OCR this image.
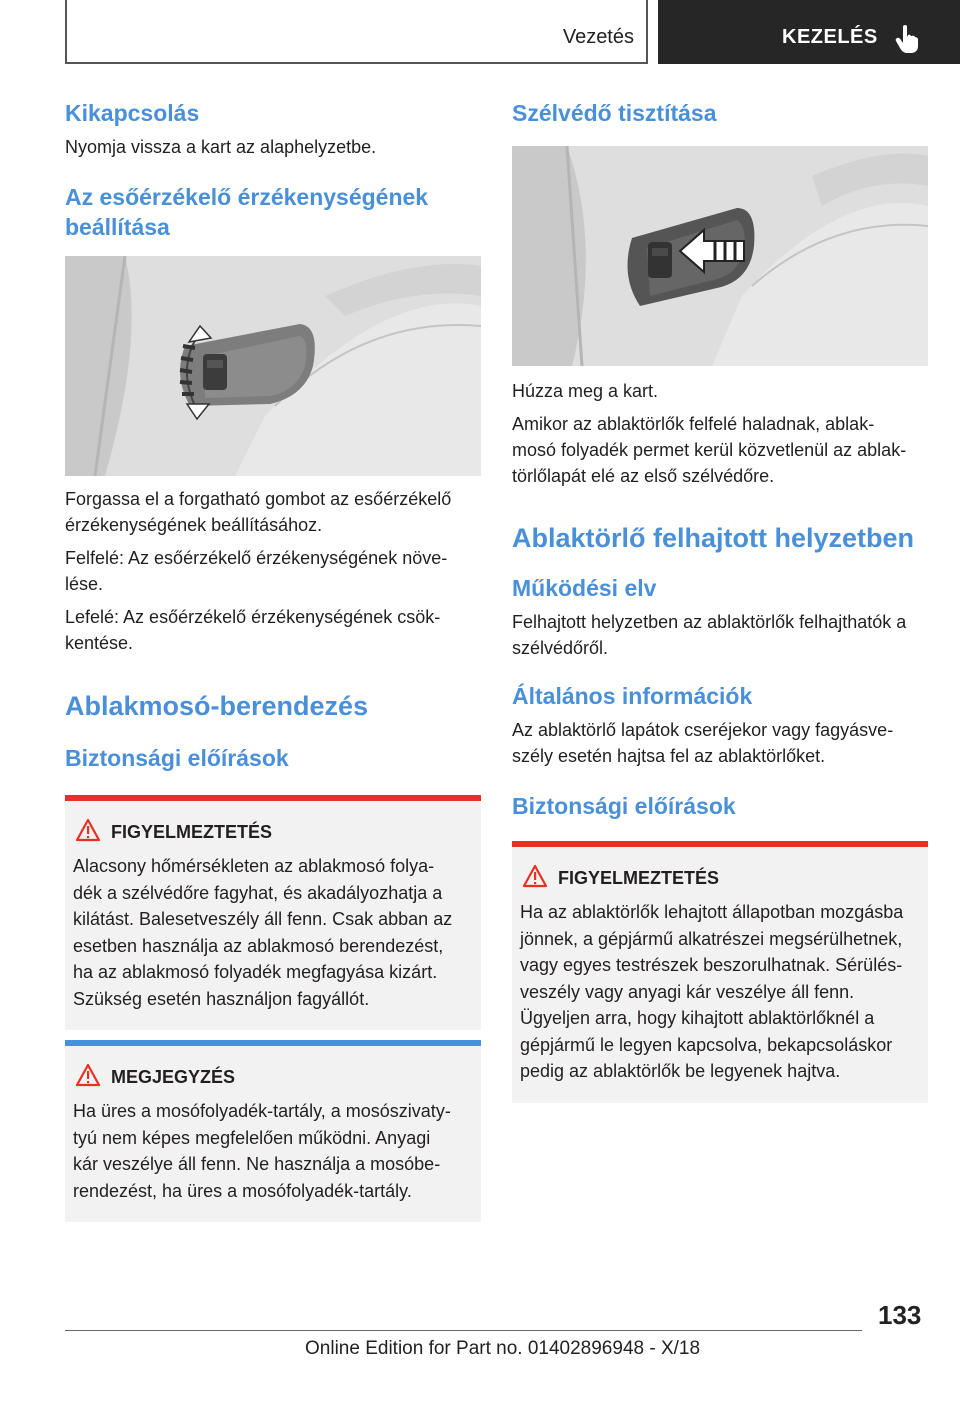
Vezetés	KEZELÉS
Kikapcsolás

Nyomja vissza a kart az alaphelyzetbe.

Az esőérzékelő érzékenységének
beállítása

Forgassa el a forgatható gombot az esőérzékelő
érzékenységének beállításához.

Felfelé: Az esőérzékelő érzékenységének növe-
lése.

Lefelé: Az esőérzékelő érzékenységének csök-
kentése.

Ablakmosó-berendezés
Biztonsági előírások
FIGYELMEZTETÉS

Alacsony hőmérsékleten az ablakmosó folya-
dék a szélvédőre fagyhat, és akadályozhatja a
kilátást. Balesetveszély áll fenn. Csak abban az
esetben használja az ablakmosó berendezést,
ha az ablakmosó folyadék megfagyása kizárt.
Szükség esetén használjon fagyállót.

MEGJEGYZÉS

Ha üres a mosófolyadék-tartály, a mosószivaty-
tyú nem képes megfelelően működni. Anyagi
kár veszélye áll fenn. Ne használja a mosóbe-
rendezést, ha üres a mosófolyadék-tartály.

Szélvédő tisztítása

Húzza meg a kart.

Amikor az ablaktörlők felfelé haladnak, ablak-
mosó folyadék permet kerül közvetlenül az ablak-
törlőlapát elé az első szélvédőre.

Ablaktörlő felhajtott helyzetben
Működési elv

Felhajtott helyzetben az ablaktörlők felhajthatók a
szélvédőről.

Általános információk

Az ablaktörlő lapátok cseréjekor vagy fagyásve-
szély esetén hajtsa fel az ablaktörlőket.

Biztonsági előírások
FIGYELMEZTETÉS

Ha az ablaktörlők lehajtott állapotban mozgásba
jönnek, a gépjármű alkatrészei megsérülhetnek,
vagy egyes testrészek beszorulhatnak. Sérülés-
veszély vagy anyagi kár veszélye áll fenn.
Ügyeljen arra, hogy kihajtott ablaktörlőknél a
gépjármű le legyen kapcsolva, bekapcsoláskor
pedig az ablaktörlők be legyenek hajtva.

133
Online Edition for Part no. 01402896948 - X/18
